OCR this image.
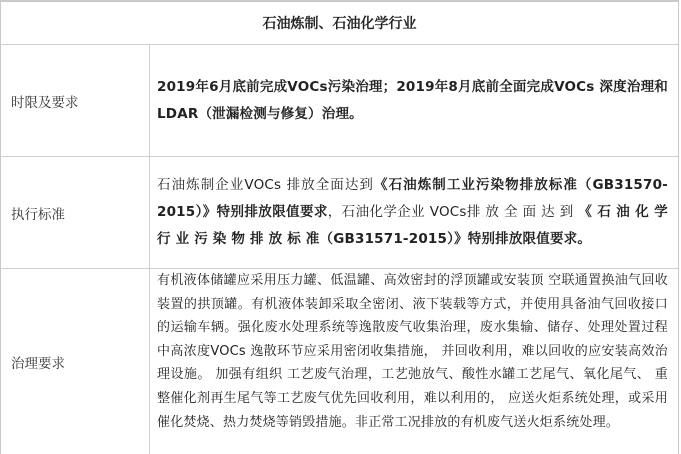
石油炼制、石油化学行业
时限及要求
2019年6月底前完成VOCs污染治理；2019年8月底前全面完成VOCs 深度治理和 LDAR（泄漏检测与修复）治理。
执行标准
石油炼制企业VOCs 排放全面达到《石油炼制工业污染物排放标准（GB31570-2015）》特别排放限值要求，石油化学企业 VOCs排 放 全 面 达 到 《 石 油 化 学 行 业 污 染 物 排 放 标 准（GB31571-2015）》特别排放限值要求。
治理要求
有机液体储罐应采用压力罐、低温罐、高效密封的浮顶罐或安装顶 空联通置换油气回收装置的拱顶罐。有机液体装卸采取全密闭、液下装载等方式，并使用具备油气回收接口的运输车辆。强化废水处理系统等逸散废气收集治理，废水集输、储存、处理处置过程中高浓度VOCs 逸散环节应采用密闭收集措施， 并回收利用，难以回收的应安装高效治理设施。 加强有组织 工艺废气治理，工艺弛放气、酸性水罐工艺尾气、氧化尾气、 重整催化剂再生尾气等工艺废气优先回收利用，难以利用的， 应送火炬系统处理，或采用催化焚烧、热力焚烧等销毁措施。非正常工况排放的有机废气送火炬系统处理。
